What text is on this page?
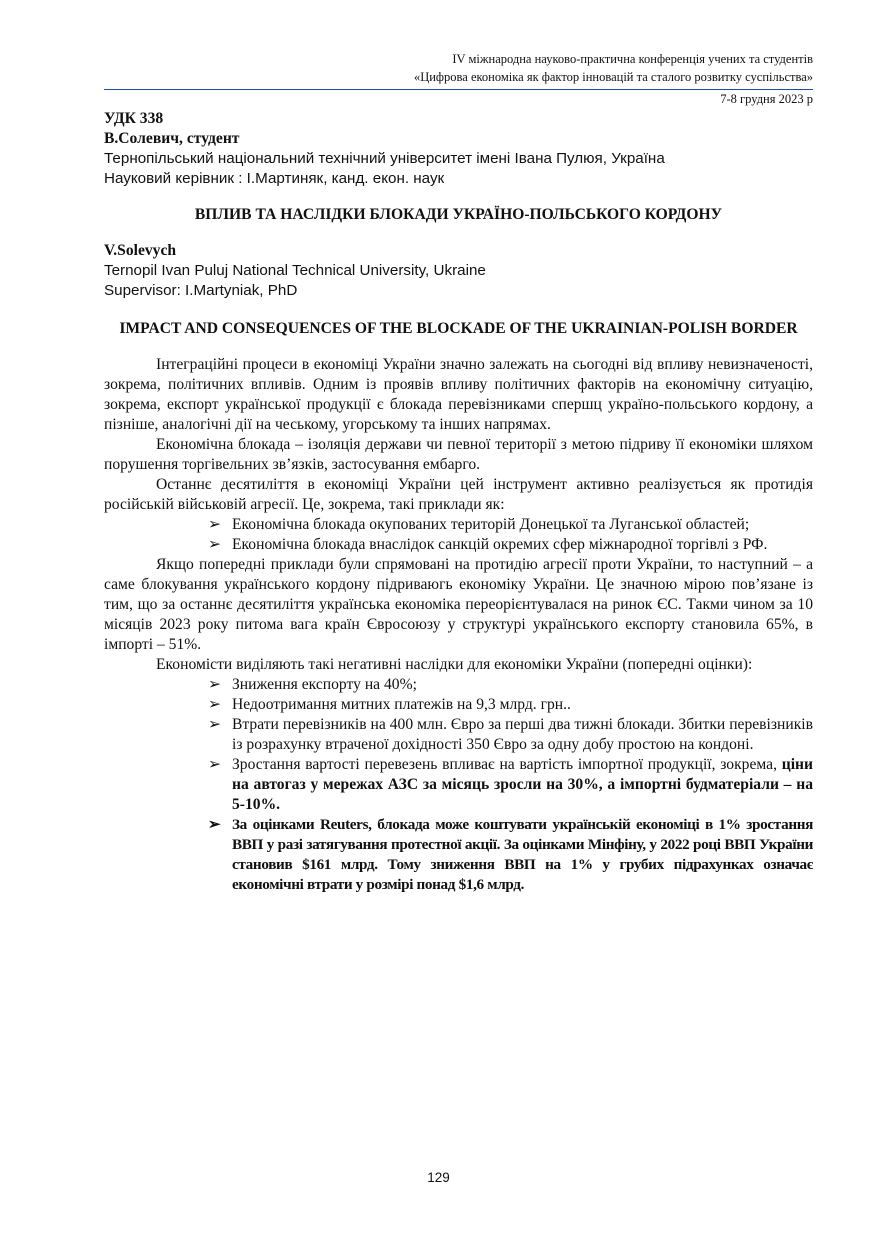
IV міжнародна науково-практична конференція учених та студентів
«Цифрова економіка як фактор інновацій та сталого розвитку суспільства»
7-8 грудня 2023 р
УДК 338
В.Солевич, студент
Тернопільський національний технічний університет імені Івана Пулюя, Україна
Науковий керівник : І.Мартиняк, канд. екон. наук
ВПЛИВ ТА НАСЛІДКИ БЛОКАДИ УКРАЇНО-ПОЛЬСЬКОГО КОРДОНУ
V.Solevych
Ternopil Ivan Puluj National Technical University, Ukraine
Supervisor: I.Martyniak, PhD
IMPACT AND CONSEQUENCES OF THE BLOCKADE OF THE UKRAINIAN-POLISH BORDER

Інтеграційні процеси в економіці України значно залежать на сьогодні від впливу невизначеності, зокрема, політичних впливів. Одним із проявів впливу політичних факторів на економічну ситуацію, зокрема, експорт української продукції є блокада перевізниками спершц україно-польського кордону, а пізніше, аналогічні дії на чеському, угорському та інших напрямах.

Економічна блокада – ізоляція держави чи певної території з метою підриву її економіки шляхом порушення торгівельних зв’язків, застосування ембарго.

Останнє десятиліття в економіці України цей інструмент активно реалізується як протидія російській військовій агресії. Це, зокрема, такі приклади як:

➢ Економічна блокада окупованих територій Донецької та Луганської областей;
➢ Економічна блокада внаслідок санкцій окремих сфер міжнародної торгівлі з РФ.

Якщо попередні приклади були спрямовані на протидію агресії проти України, то наступний – а саме блокування українського кордону підриваюгь економіку України. Це значною мірою пов’язане із тим, що за останнє десятиліття українська економіка переорієнтувалася на ринок ЄС. Такми чином за 10 місяців 2023 року питома вага країн Євросоюзу у структурі українського експорту становила 65%, в імпорті – 51%.

Економісти виділяють такі негативні наслідки для економіки України (попередні оцінки):

➢ Зниження експорту на 40%;
➢ Недоотримання митних платежів на 9,3 млрд. грн..
➢ Втрати перевізників на 400 млн. Євро за перші два тижні блокади. Збитки перевізників із розрахунку втраченої дохідності 350 Євро за одну добу простою на кондоні.
➢ Зростання вартості перевезень впливає на вартість імпортної продукції, зокрема, ціни на автогаз у мережах АЗС за місяць зросли на 30%, а імпортні будматеріали – на 5-10%.
➢ За оцінками Reuters, блокада може коштувати українській економіці в 1% зростання ВВП у разі затягування протестної акції. За оцінками Мінфіну, у 2022 році ВВП України становив $161 млрд. Тому зниження ВВП на 1% у грубих підрахунках означає економічні втрати у розмірі понад $1,6 млрд.
129
